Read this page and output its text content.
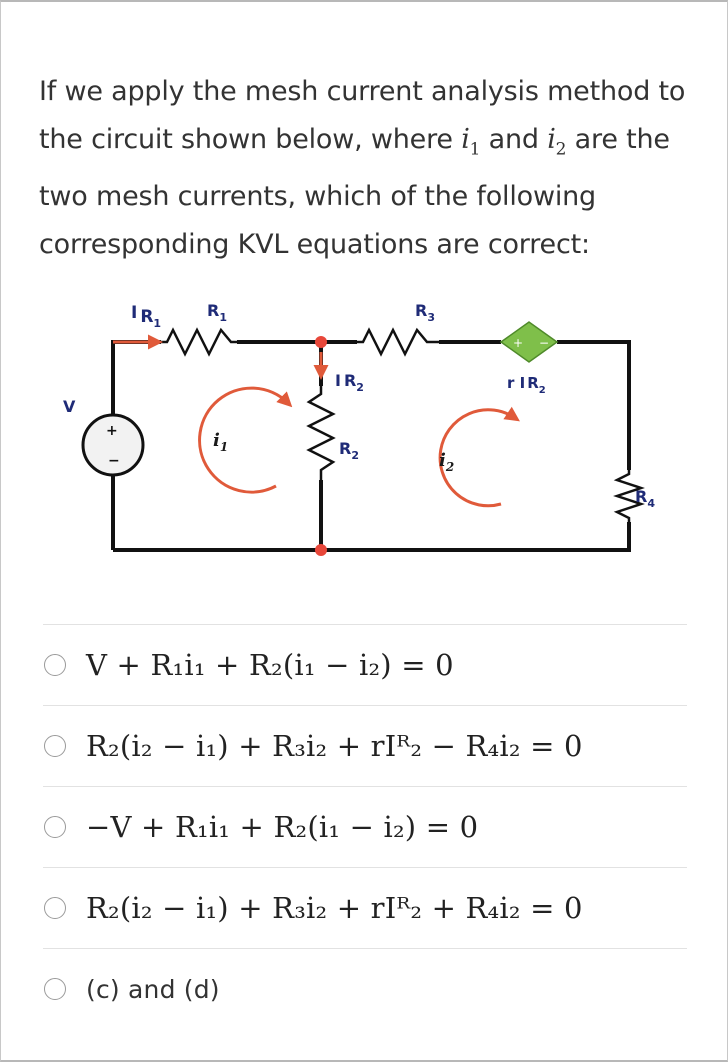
If we apply the mesh current analysis method to the circuit shown below, where $i_1$ and $i_2$ are the two mesh currents, which of the following corresponding KVL equations are correct:
+ −
+
−
I $R_1$
$R_1$	$R_3$
I $R_2$	r I $R_2$
V
$R_2$
$R_4$
$i_1$
$i_2$
V + R₁i₁ + R₂(i₁ − i₂) = 0
R₂(i₂ − i₁) + R₃i₂ + rIᴿ₂ − R₄i₂ = 0
−V + R₁i₁ + R₂(i₁ − i₂) = 0
R₂(i₂ − i₁) + R₃i₂ + rIᴿ₂ + R₄i₂ = 0
(c) and (d)
